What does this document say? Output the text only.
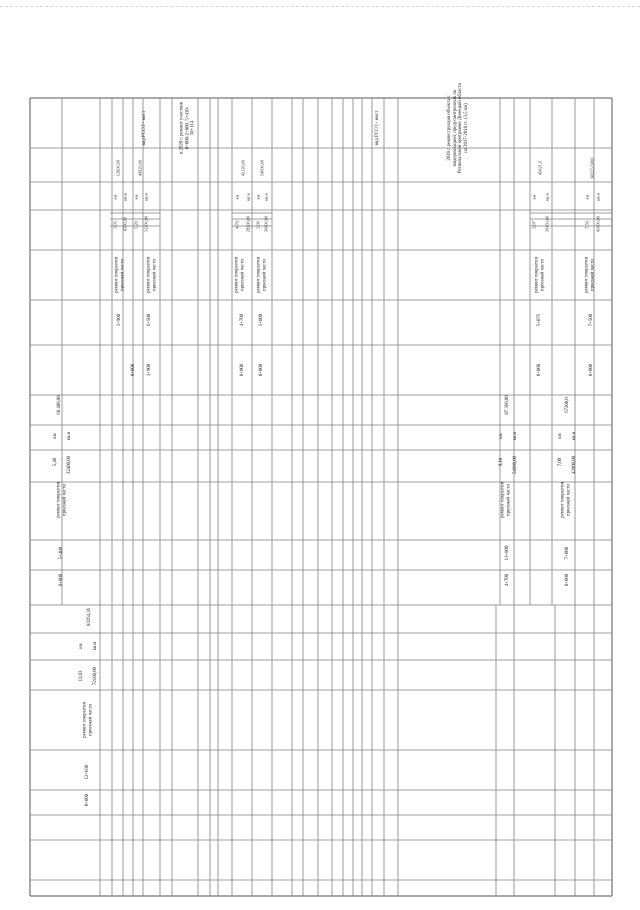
0+000
5+400
ремонт покрытия проезжей части
5,40 32400,00
км кв.м
68 400,00
0+000
1+900
ремонт покрытия проезжей части
1,05 6300,00
км кв.м
12600,00
1+900
6+500
ремонт покрытия проезжей части
5,20 31200,00
км кв.м
49920,00
вид РССО - мост	в 2020 г. ремонт участков 0+000-2+800, 5+410-10+114
0+000
4+700
ремонт покрытия проезжей части
4,70 28200,00
км кв.м
45120,00
0+000
5+000
ремонт покрытия проезжей части
5,00 30000,00
км кв.м
54000,00
4+700
13+800
ремонт покрытия проезжей части
9,10 54600,00
км кв.м
87 360,00
0+000
7+000
ремонт покрытия проезжей части
7,00 42000,00
км кв.м
67200,0
вид РССО - мост	2018 г. реконструкция объекта с модернизацией, предусмотренных по Региональной программе Донецкой области на 2017-2018 гг. (3,5 км)
0+000
5+075
ремонт покрытия проезжей части
5,07 30450,00
км кв.м
45621,0
0+000
7+500
ремонт покрытия проезжей части
7,50 45000,00
км кв.м
60225,5000
0+000
12+030
ремонт покрытия проезжей части
12,03 72180,00
км кв.м
83264,36
